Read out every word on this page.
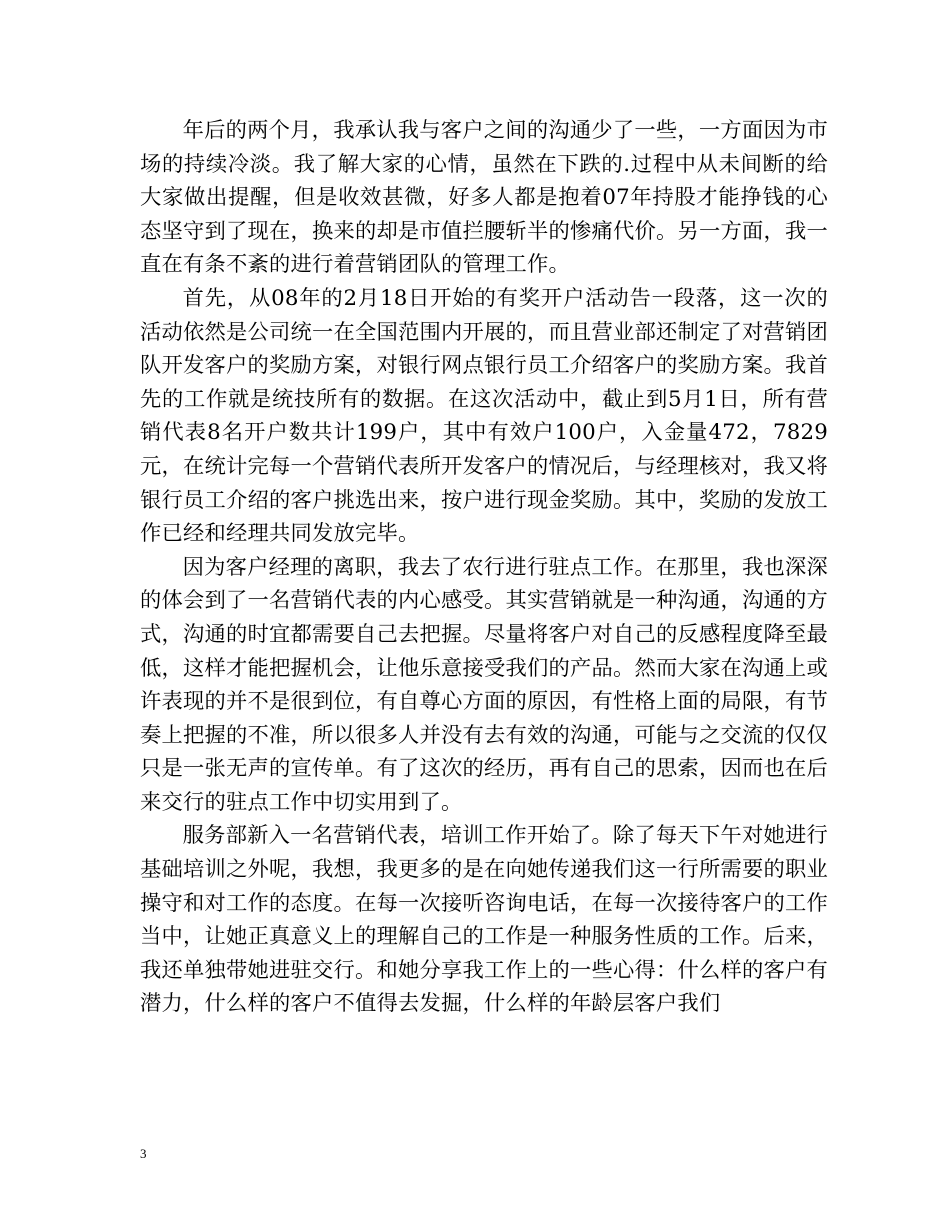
年后的两个月，我承认我与客户之间的沟通少了一些，一方面因为市场的持续冷淡。我了解大家的心情，虽然在下跌的.过程中从未间断的给大家做出提醒，但是收效甚微，好多人都是抱着07年持股才能挣钱的心态坚守到了现在，换来的却是市值拦腰斩半的惨痛代价。另一方面，我一直在有条不紊的进行着营销团队的管理工作。

首先，从08年的2月18日开始的有奖开户活动告一段落，这一次的活动依然是公司统一在全国范围内开展的，而且营业部还制定了对营销团队开发客户的奖励方案，对银行网点银行员工介绍客户的奖励方案。我首先的工作就是统技所有的数据。在这次活动中，截止到5月1日，所有营销代表8名开户数共计199户，其中有效户100户，入金量472，7829元，在统计完每一个营销代表所开发客户的情况后，与经理核对，我又将银行员工介绍的客户挑选出来，按户进行现金奖励。其中，奖励的发放工作已经和经理共同发放完毕。

因为客户经理的离职，我去了农行进行驻点工作。在那里，我也深深的体会到了一名营销代表的内心感受。其实营销就是一种沟通，沟通的方式，沟通的时宜都需要自己去把握。尽量将客户对自己的反感程度降至最低，这样才能把握机会，让他乐意接受我们的产品。然而大家在沟通上或许表现的并不是很到位，有自尊心方面的原因，有性格上面的局限，有节奏上把握的不准，所以很多人并没有去有效的沟通，可能与之交流的仅仅只是一张无声的宣传单。有了这次的经历，再有自己的思索，因而也在后来交行的驻点工作中切实用到了。

服务部新入一名营销代表，培训工作开始了。除了每天下午对她进行基础培训之外呢，我想，我更多的是在向她传递我们这一行所需要的职业操守和对工作的态度。在每一次接听咨询电话，在每一次接待客户的工作当中，让她正真意义上的理解自己的工作是一种服务性质的工作。后来，我还单独带她进驻交行。和她分享我工作上的一些心得：什么样的客户有潜力，什么样的客户不值得去发掘，什么样的年龄层客户我们

3
